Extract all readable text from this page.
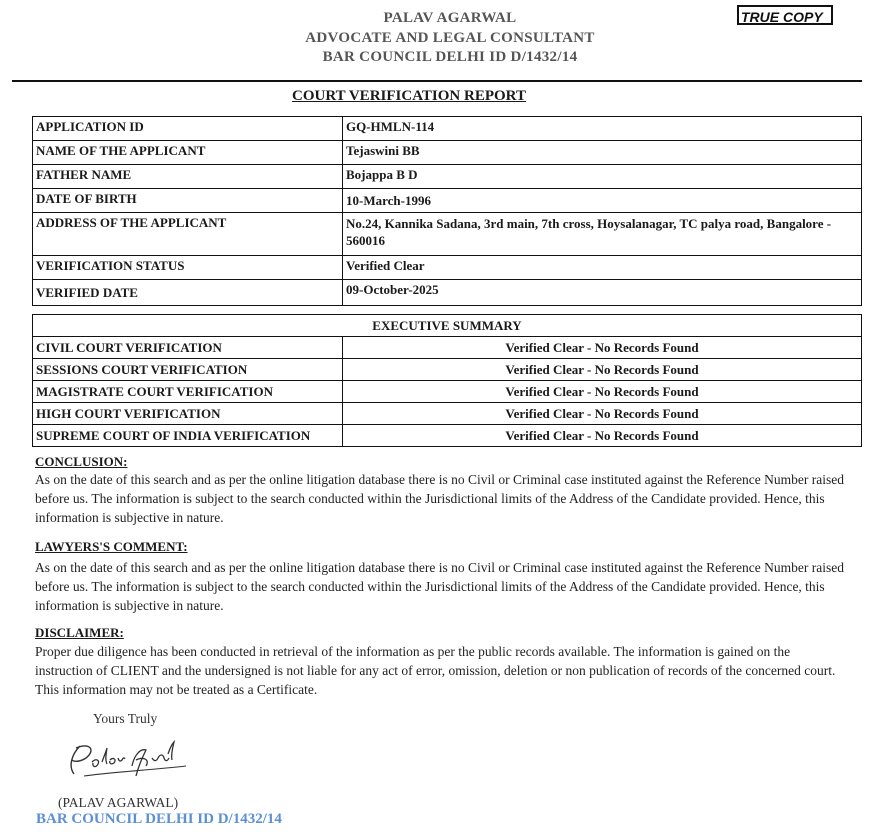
PALAV AGARWAL
ADVOCATE AND LEGAL CONSULTANT
BAR COUNCIL DELHI ID D/1432/14
TRUE COPY
COURT VERIFICATION REPORT
APPLICATION ID	GQ-HMLN-114
NAME OF THE APPLICANT	Tejaswini BB
FATHER NAME	Bojappa B D
DATE OF BIRTH	10-March-1996
ADDRESS OF THE APPLICANT	No.24, Kannika Sadana, 3rd main, 7th cross, Hoysalanagar, TC palya road, Bangalore - 560016
VERIFICATION STATUS	Verified Clear
VERIFIED DATE	09-October-2025
EXECUTIVE SUMMARY	
CIVIL COURT VERIFICATION	Verified Clear - No Records Found
SESSIONS COURT VERIFICATION	Verified Clear - No Records Found
MAGISTRATE COURT VERIFICATION	Verified Clear - No Records Found
HIGH COURT VERIFICATION	Verified Clear - No Records Found
SUPREME COURT OF INDIA VERIFICATION	Verified Clear - No Records Found
CONCLUSION:
As on the date of this search and as per the online litigation database there is no Civil or Criminal case instituted against the Reference Number raised before us. The information is subject to the search conducted within the Jurisdictional limits of the Address of the Candidate provided. Hence, this information is subjective in nature.
LAWYERS'S COMMENT:
As on the date of this search and as per the online litigation database there is no Civil or Criminal case instituted against the Reference Number raised before us. The information is subject to the search conducted within the Jurisdictional limits of the Address of the Candidate provided. Hence, this information is subjective in nature.
DISCLAIMER:
Proper due diligence has been conducted in retrieval of the information as per the public records available. The information is gained on the instruction of CLIENT and the undersigned is not liable for any act of error, omission, deletion or non publication of records of the concerned court. This information may not be treated as a Certificate.
Yours Truly
(PALAV AGARWAL)
BAR COUNCIL DELHI ID D/1432/14
